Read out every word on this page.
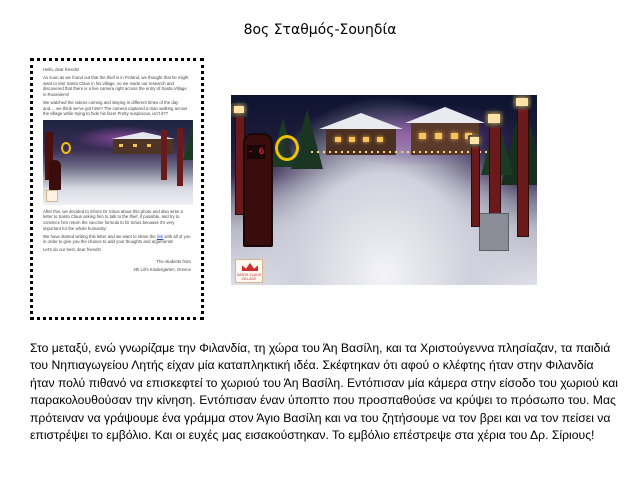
8ος Σταθμός-Σουηδία

Hello, dear friends!

As soon as we found out that the thief is in Finland, we thought that he might want to visit Santa Claus in his village, so we made our research and discovered that there is a live camera right across the entry of Santa Village in Rovaniemi!

We watched the videos coming and staying in different times of the day and.... we think we've got him!!! The camera captured a man walking across the village while trying to hide his face! Pretty suspicious, isn't it??

After this, we decided to inform Dr Sirius about this photo and also write a letter to Santa Claus asking him to talk to the thief, if possible, and try to convince him return the vaccine formula to Dr Sirius because it's very important for the whole humanity!

We have started writing this letter and we want to share the link with all of you in order to give you the chance to add your thoughts and arguments!

Let's do our best, dear friends!

The students from

4th Lili's Kindergarten, Greece

- 6
SANTA CLAUS VILLAGE
Στο μεταξύ, ενώ γνωρίζαμε την Φιλανδία, τη χώρα του Άη Βασίλη, και τα Χριστούγεννα πλησίαζαν, τα παιδιά του Νηπιαγωγείου Λητής είχαν μία καταπληκτική ιδέα. Σκέφτηκαν ότι αφού ο κλέφτης ήταν στην Φιλανδία ήταν πολύ πιθανό να επισκεφτεί το χωριού του Άη Βασίλη. Εντόπισαν μία κάμερα στην είσοδο του χωριού και παρακολουθούσαν την κίνηση. Εντόπισαν έναν ύποπτο που προσπαθούσε να κρύψει το πρόσωπο του. Μας πρότειναν να γράψουμε ένα γράμμα στον Άγιο Βασίλη και να του ζητήσουμε να τον βρει και να τον πείσει να επιστρέψει το εμβόλιο. Και οι ευχές μας εισακούστηκαν. Το εμβόλιο επέστρεψε στα χέρια του Δρ. Σίριους!
